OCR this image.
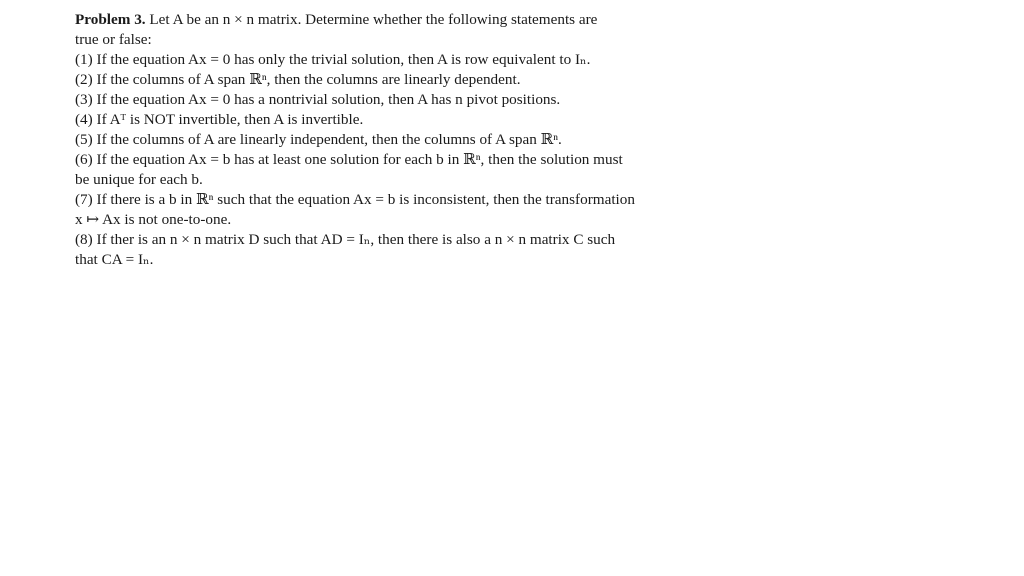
Problem 3. Let A be an n × n matrix. Determine whether the following statements are
true or false:
(1) If the equation Ax = 0 has only the trivial solution, then A is row equivalent to Iₙ.
(2) If the columns of A span ℝⁿ, then the columns are linearly dependent.
(3) If the equation Ax = 0 has a nontrivial solution, then A has n pivot positions.
(4) If Aᵀ is NOT invertible, then A is invertible.
(5) If the columns of A are linearly independent, then the columns of A span ℝⁿ.
(6) If the equation Ax = b has at least one solution for each b in ℝⁿ, then the solution must
be unique for each b.
(7) If there is a b in ℝⁿ such that the equation Ax = b is inconsistent, then the transformation
x ↦ Ax is not one-to-one.
(8) If ther is an n × n matrix D such that AD = Iₙ, then there is also a n × n matrix C such
that CA = Iₙ.
